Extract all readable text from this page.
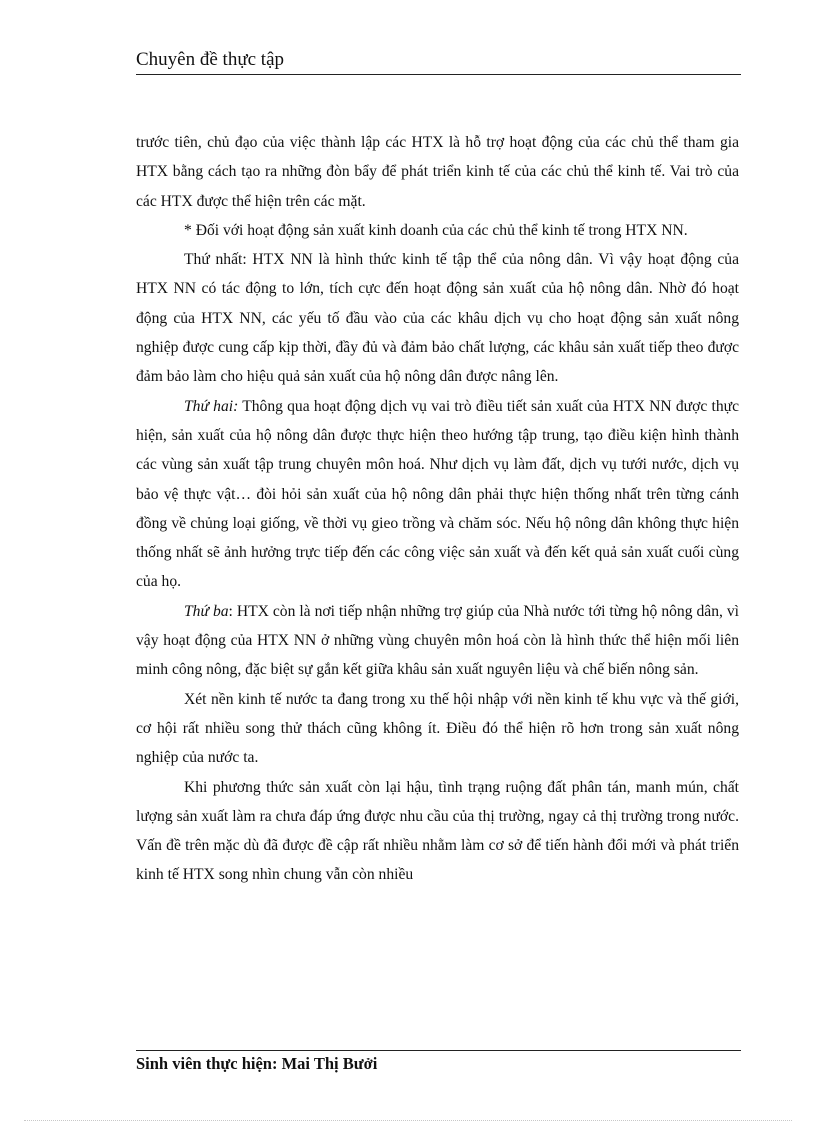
Chuyên đề thực tập

trước tiên, chủ đạo của việc thành lập các HTX là hỗ trợ hoạt động của các chủ thể tham gia HTX bằng cách tạo ra những đòn bẩy để phát triển kinh tế của các chủ thể kinh tế. Vai trò của các HTX được thể hiện trên các mặt.

* Đối với hoạt động sản xuất kinh doanh của các chủ thể kinh tế trong HTX NN.

Thứ nhất: HTX NN là hình thức kinh tế tập thể của nông dân. Vì vậy hoạt động của HTX NN có tác động to lớn, tích cực đến hoạt động sản xuất của hộ nông dân. Nhờ đó hoạt động của HTX NN, các yếu tố đầu vào của các khâu dịch vụ cho hoạt động sản xuất nông nghiệp được cung cấp kịp thời, đầy đủ và đảm bảo chất lượng, các khâu sản xuất tiếp theo được đảm bảo làm cho hiệu quả sản xuất của hộ nông dân được nâng lên.

Thứ hai: Thông qua hoạt động dịch vụ vai trò điều tiết sản xuất của HTX NN được thực hiện, sản xuất của hộ nông dân được thực hiện theo hướng tập trung, tạo điều kiện hình thành các vùng sản xuất tập trung chuyên môn hoá. Như dịch vụ làm đất, dịch vụ tưới nước, dịch vụ bảo vệ thực vật… đòi hỏi sản xuất của hộ nông dân phải thực hiện thống nhất trên từng cánh đồng về chủng loại giống, về thời vụ gieo trồng và chăm sóc. Nếu hộ nông dân không thực hiện thống nhất sẽ ảnh hưởng trực tiếp đến các công việc sản xuất và đến kết quả sản xuất cuối cùng của họ.

Thứ ba: HTX còn là nơi tiếp nhận những trợ giúp của Nhà nước tới từng hộ nông dân, vì vậy hoạt động của HTX NN ở những vùng chuyên môn hoá còn là hình thức thể hiện mối liên minh công nông, đặc biệt sự gắn kết giữa khâu sản xuất nguyên liệu và chế biến nông sản.

Xét nền kinh tế nước ta đang trong xu thế hội nhập với nền kinh tế khu vực và thế giới, cơ hội rất nhiều song thử thách cũng không ít. Điều đó thể hiện rõ hơn trong sản xuất nông nghiệp của nước ta.

Khi phương thức sản xuất còn lại hậu, tình trạng ruộng đất phân tán, manh mún, chất lượng sản xuất làm ra chưa đáp ứng được nhu cầu của thị trường, ngay cả thị trường trong nước. Vấn đề trên mặc dù đã được đề cập rất nhiều nhằm làm cơ sở để tiến hành đổi mới và phát triển kinh tế HTX song nhìn chung vẫn còn nhiều

Sinh viên thực hiện: Mai Thị Bưởi
